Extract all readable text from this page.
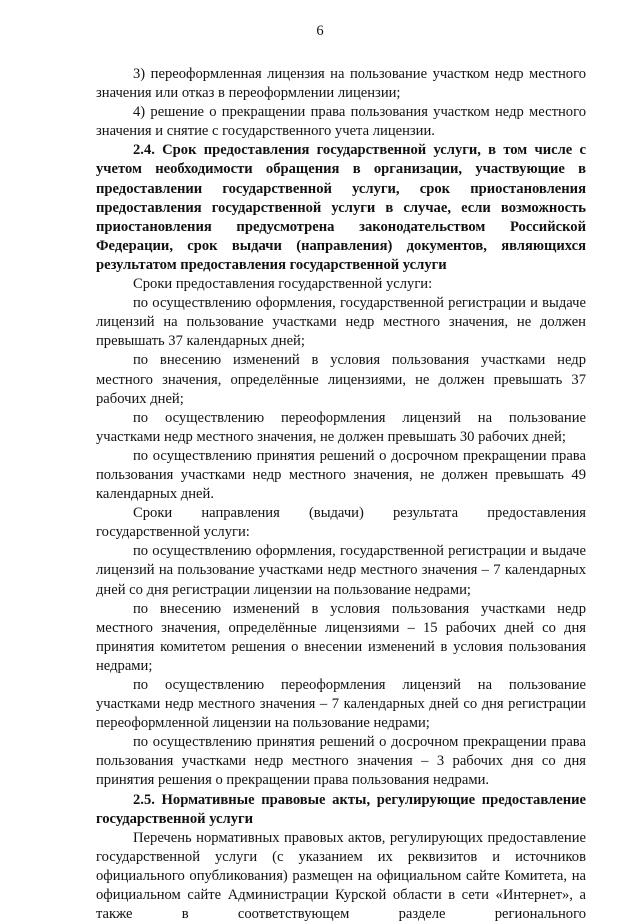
6

3) переоформленная лицензия на пользование участком недр местного значения или отказ в переоформлении лицензии;

4) решение о прекращении права пользования участком недр местного значения и снятие с государственного учета лицензии.

2.4. Срок предоставления государственной услуги, в том числе с учетом необходимости обращения в организации, участвующие в предоставлении государственной услуги, срок приостановления предоставления государственной услуги в случае, если возможность приостановления предусмотрена законодательством Российской Федерации, срок выдачи (направления) документов, являющихся результатом предоставления государственной услуги

Сроки предоставления государственной услуги:

по осуществлению оформления, государственной регистрации и выдаче лицензий на пользование участками недр местного значения, не должен превышать 37 календарных дней;

по внесению изменений в условия пользования участками недр местного значения, определённые лицензиями, не должен превышать 37 рабочих дней;

по осуществлению переоформления лицензий на пользование участками недр местного значения, не должен превышать 30 рабочих дней;

по осуществлению принятия решений о досрочном прекращении права пользования участками недр местного значения, не должен превышать 49 календарных дней.

Сроки направления (выдачи) результата предоставления государственной услуги:

по осуществлению оформления, государственной регистрации и выдаче лицензий на пользование участками недр местного значения – 7 календарных дней со дня регистрации лицензии на пользование недрами;

по внесению изменений в условия пользования участками недр местного значения, определённые лицензиями – 15 рабочих дней со дня принятия комитетом решения о внесении изменений в условия пользования недрами;

по осуществлению переоформления лицензий на пользование участками недр местного значения – 7 календарных дней со дня регистрации переоформленной лицензии на пользование недрами;

по осуществлению принятия решений о досрочном прекращении права пользования участками недр местного значения – 3 рабочих дня со дня принятия решения о прекращении права пользования недрами.

2.5. Нормативные правовые акты, регулирующие предоставление государственной услуги

Перечень нормативных правовых актов, регулирующих предоставление государственной услуги (с указанием их реквизитов и источников официального опубликования) размещен на официальном сайте Комитета, на официальном сайте Администрации Курской области в сети «Интернет», а также в соответствующем разделе регионального
